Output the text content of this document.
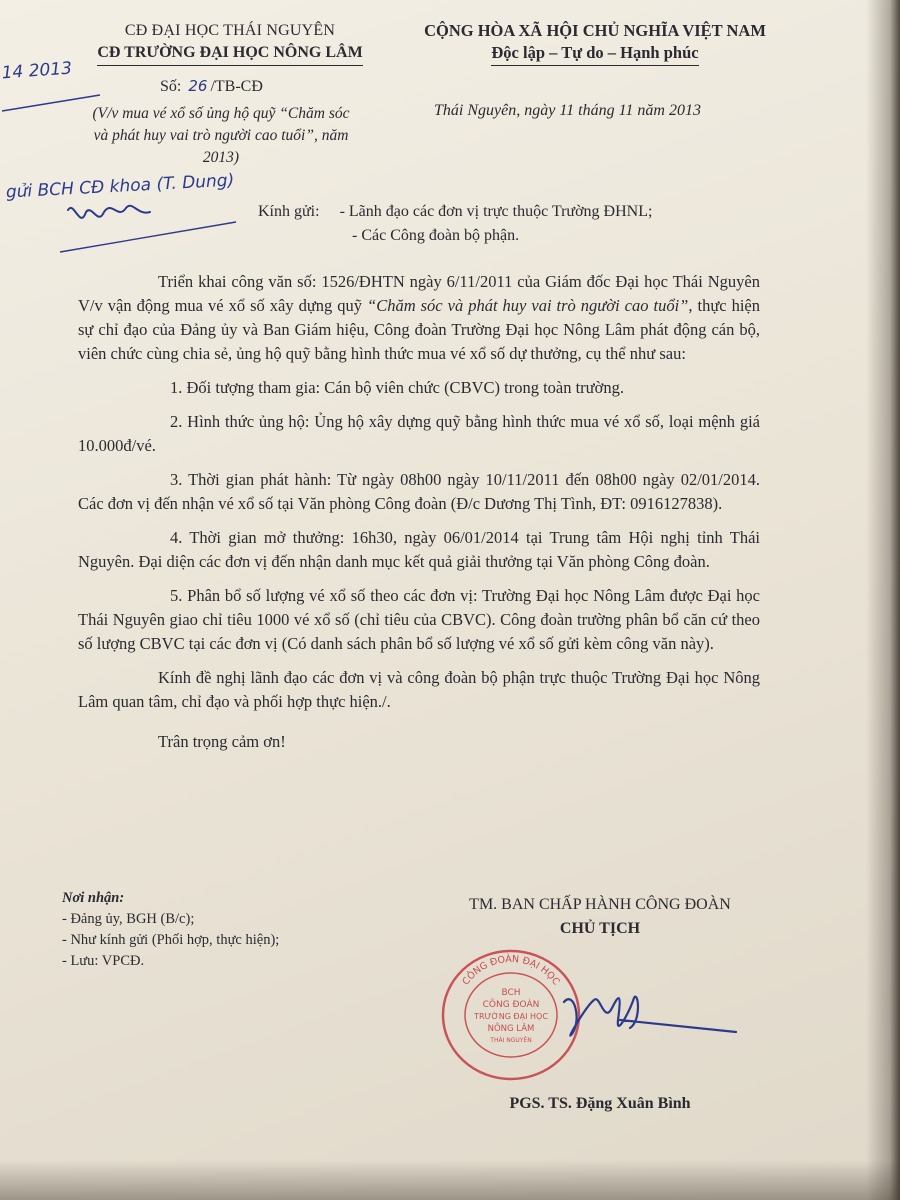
CĐ ĐẠI HỌC THÁI NGUYÊN
CĐ TRƯỜNG ĐẠI HỌC NÔNG LÂM
CỘNG HÒA XÃ HỘI CHỦ NGHĨA VIỆT NAM
Độc lập – Tự do – Hạnh phúc
Số: 26 /TB-CĐ
(V/v mua vé xổ số ủng hộ quỹ “Chăm sóc và phát huy vai trò người cao tuổi”, năm 2013)
Thái Nguyên, ngày 11 tháng 11 năm 2013
Kính gửi: - Lãnh đạo các đơn vị trực thuộc Trường ĐHNL;
- Các Công đoàn bộ phận.

Triển khai công văn số: 1526/ĐHTN ngày 6/11/2011 của Giám đốc Đại học Thái Nguyên V/v vận động mua vé xổ số xây dựng quỹ “Chăm sóc và phát huy vai trò người cao tuổi”, thực hiện sự chỉ đạo của Đảng ủy và Ban Giám hiệu, Công đoàn Trường Đại học Nông Lâm phát động cán bộ, viên chức cùng chia sẻ, ủng hộ quỹ bằng hình thức mua vé xổ số dự thưởng, cụ thể như sau:

1. Đối tượng tham gia: Cán bộ viên chức (CBVC) trong toàn trường.

2. Hình thức ủng hộ: Ủng hộ xây dựng quỹ bằng hình thức mua vé xổ số, loại mệnh giá 10.000đ/vé.

3. Thời gian phát hành: Từ ngày 08h00 ngày 10/11/2011 đến 08h00 ngày 02/01/2014. Các đơn vị đến nhận vé xổ số tại Văn phòng Công đoàn (Đ/c Dương Thị Tình, ĐT: 0916127838).

4. Thời gian mở thưởng: 16h30, ngày 06/01/2014 tại Trung tâm Hội nghị tỉnh Thái Nguyên. Đại diện các đơn vị đến nhận danh mục kết quả giải thưởng tại Văn phòng Công đoàn.

5. Phân bổ số lượng vé xổ số theo các đơn vị: Trường Đại học Nông Lâm được Đại học Thái Nguyên giao chỉ tiêu 1000 vé xổ số (chỉ tiêu của CBVC). Công đoàn trường phân bổ căn cứ theo số lượng CBVC tại các đơn vị (Có danh sách phân bổ số lượng vé xổ số gửi kèm công văn này).

Kính đề nghị lãnh đạo các đơn vị và công đoàn bộ phận trực thuộc Trường Đại học Nông Lâm quan tâm, chỉ đạo và phối hợp thực hiện./.

Trân trọng cảm ơn!

Nơi nhận:
- Đảng ủy, BGH (B/c);
- Như kính gửi (Phối hợp, thực hiện);
- Lưu: VPCĐ.
TM. BAN CHẤP HÀNH CÔNG ĐOÀN
CHỦ TỊCH
CÔNG ĐOÀN ĐẠI HỌC
BCH
CÔNG ĐOÀN
TRƯỜNG ĐẠI HỌC
NÔNG LÂM
THÁI NGUYÊN
PGS. TS. Đặng Xuân Bình
14 2013
gửi BCH CĐ khoa (T. Dung)
